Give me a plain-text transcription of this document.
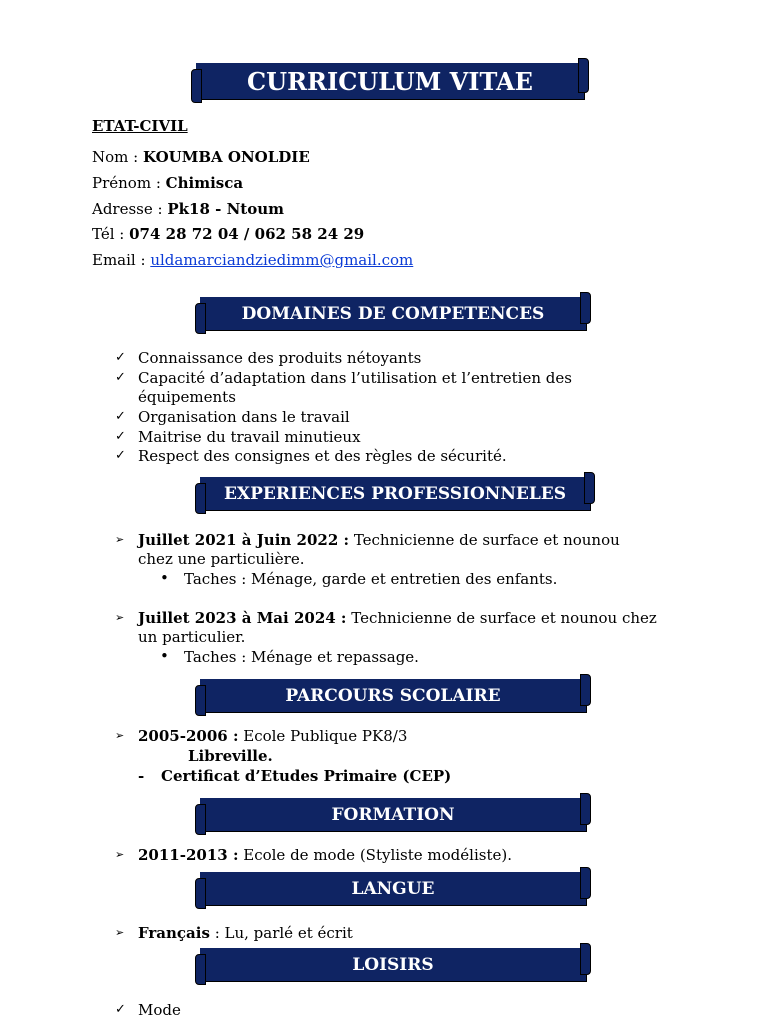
CURRICULUM VITAE
ETAT-CIVIL
Nom : KOUMBA ONOLDIE
Prénom : Chimisca
Adresse : Pk18 - Ntoum
Tél : 074 28 72 04 / 062 58 24 29
Email : uldamarciandziedimm@gmail.com
DOMAINES DE COMPETENCES
✓ Connaissance des produits nétoyants
✓ Capacité d’adaptation dans l’utilisation et l’entretien des
équipements
✓ Organisation dans le travail
✓ Maitrise du travail minutieux
✓ Respect des consignes et des règles de sécurité.
EXPERIENCES PROFESSIONNELES
➢ Juillet 2021 à Juin 2022 : Technicienne de surface et nounou
chez une particulière.
• Taches : Ménage, garde et entretien des enfants.
➢ Juillet 2023 à Mai 2024 : Technicienne de surface et nounou chez
un particulier.
• Taches : Ménage et repassage.
PARCOURS SCOLAIRE
➢ 2005-2006 : Ecole Publique PK8/3
Libreville.
- Certificat d’Etudes Primaire (CEP)
FORMATION
➢ 2011-2013 : Ecole de mode (Styliste modéliste).
LANGUE
➢ Français : Lu, parlé et écrit
LOISIRS
✓ Mode
